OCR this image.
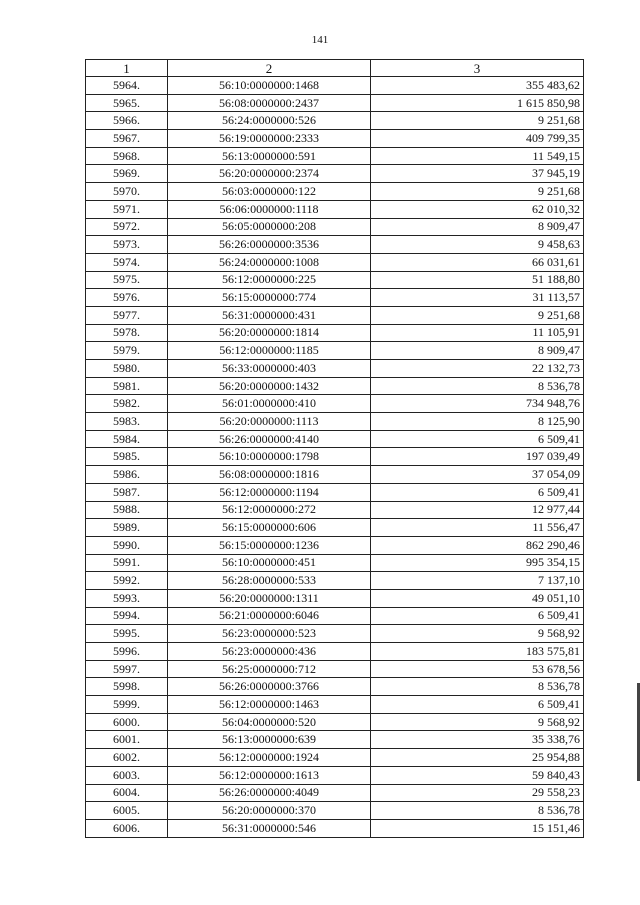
141
1	2	3
5964.	56:10:0000000:1468	355 483,62
5965.	56:08:0000000:2437	1 615 850,98
5966.	56:24:0000000:526	9 251,68
5967.	56:19:0000000:2333	409 799,35
5968.	56:13:0000000:591	11 549,15
5969.	56:20:0000000:2374	37 945,19
5970.	56:03:0000000:122	9 251,68
5971.	56:06:0000000:1118	62 010,32
5972.	56:05:0000000:208	8 909,47
5973.	56:26:0000000:3536	9 458,63
5974.	56:24:0000000:1008	66 031,61
5975.	56:12:0000000:225	51 188,80
5976.	56:15:0000000:774	31 113,57
5977.	56:31:0000000:431	9 251,68
5978.	56:20:0000000:1814	11 105,91
5979.	56:12:0000000:1185	8 909,47
5980.	56:33:0000000:403	22 132,73
5981.	56:20:0000000:1432	8 536,78
5982.	56:01:0000000:410	734 948,76
5983.	56:20:0000000:1113	8 125,90
5984.	56:26:0000000:4140	6 509,41
5985.	56:10:0000000:1798	197 039,49
5986.	56:08:0000000:1816	37 054,09
5987.	56:12:0000000:1194	6 509,41
5988.	56:12:0000000:272	12 977,44
5989.	56:15:0000000:606	11 556,47
5990.	56:15:0000000:1236	862 290,46
5991.	56:10:0000000:451	995 354,15
5992.	56:28:0000000:533	7 137,10
5993.	56:20:0000000:1311	49 051,10
5994.	56:21:0000000:6046	6 509,41
5995.	56:23:0000000:523	9 568,92
5996.	56:23:0000000:436	183 575,81
5997.	56:25:0000000:712	53 678,56
5998.	56:26:0000000:3766	8 536,78
5999.	56:12:0000000:1463	6 509,41
6000.	56:04:0000000:520	9 568,92
6001.	56:13:0000000:639	35 338,76
6002.	56:12:0000000:1924	25 954,88
6003.	56:12:0000000:1613	59 840,43
6004.	56:26:0000000:4049	29 558,23
6005.	56:20:0000000:370	8 536,78
6006.	56:31:0000000:546	15 151,46
